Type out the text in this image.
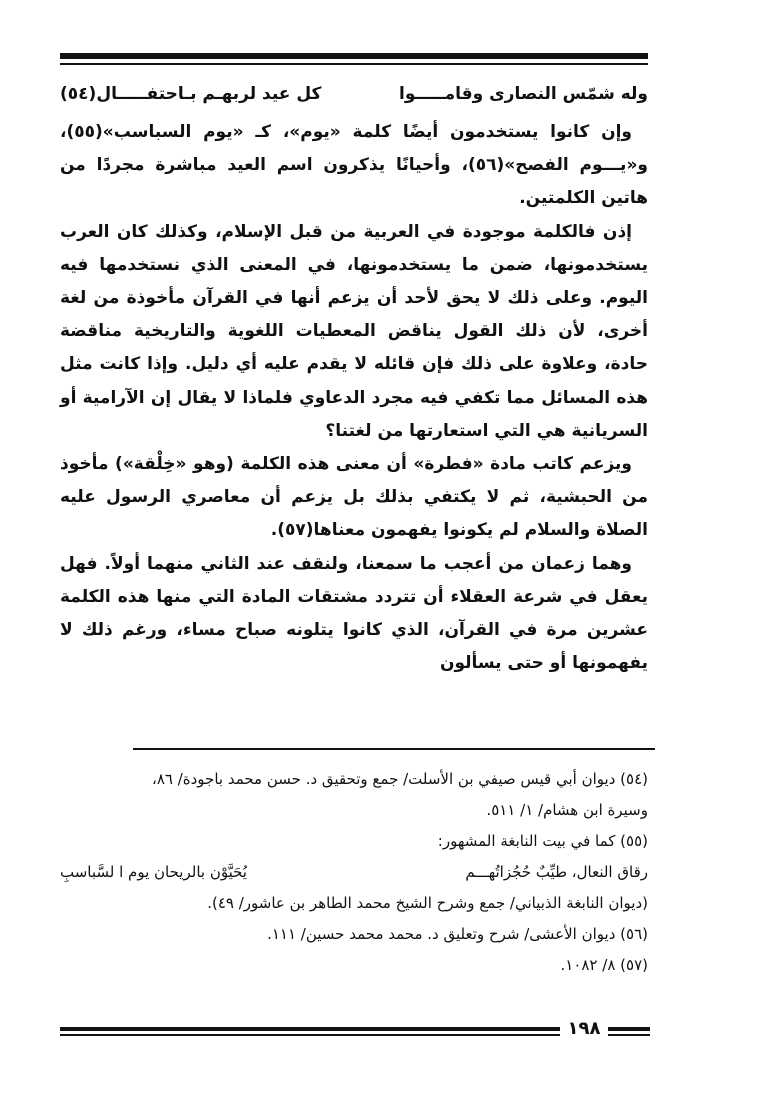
وله شمّس النصارى وقامـــــوا
كل عيد لربهـم بـاحتفـــــال(٥٤)

وإن كانوا يستخدمون أيضًا كلمة «يوم»، كـ «يوم السباسب»(٥٥)، و«يـــوم الفصح»(٥٦)، وأحيانًا يذكرون اسم العيد مباشرة مجردًا من هاتين الكلمتين.

إذن فالكلمة موجودة في العربية من قبل الإسلام، وكذلك كان العرب يستخدمونها، ضمن ما يستخدمونها، في المعنى الذي نستخدمها فيه اليوم. وعلى ذلك لا يحق لأحد أن يزعم أنها في القرآن مأخوذة من لغة أخرى، لأن ذلك القول يناقض المعطيات اللغوية والتاريخية مناقضة حادة، وعلاوة على ذلك فإن قائله لا يقدم عليه أي دليل. وإذا كانت مثل هذه المسائل مما تكفي فيه مجرد الدعاوي فلماذا لا يقال إن الآرامية أو السريانية هي التي استعارتها من لغتنا؟

ويزعم كاتب مادة «فطرة» أن معنى هذه الكلمة (وهو «خِلْقة») مأخوذ من الحبشية، ثم لا يكتفي بذلك بل يزعم أن معاصري الرسول عليه الصلاة والسلام لم يكونوا يفهمون معناها(٥٧).

وهما زعمان من أعجب ما سمعنا، ولنقف عند الثاني منهما أولاً. فهل يعقل في شرعة العقلاء أن تتردد مشتقات المادة التي منها هذه الكلمة عشرين مرة في القرآن، الذي كانوا يتلونه صباح مساء، ورغم ذلك لا يفهمونها أو حتى يسألون

(٥٤) ديوان أبي قيس صيفي بن الأسلت/ جمع وتحقيق د. حسن محمد باجودة/ ٨٦،

وسيرة ابن هشام/ ١/ ٥١١.

(٥٥) كما في بيت النابغة المشهور:

رقاق النعال، طيِّبٌ حُجُزاتُهـــم
يُحَيَّوْن بالريحان يوم ا لسَّباسبِ

(ديوان النابغة الذبياني/ جمع وشرح الشيخ محمد الطاهر بن عاشور/ ٤٩).

(٥٦) ديوان الأعشى/ شرح وتعليق د. محمد محمد حسين/ ١١١.

(٥٧) ٨/ ١٠٨٢.

١٩٨
